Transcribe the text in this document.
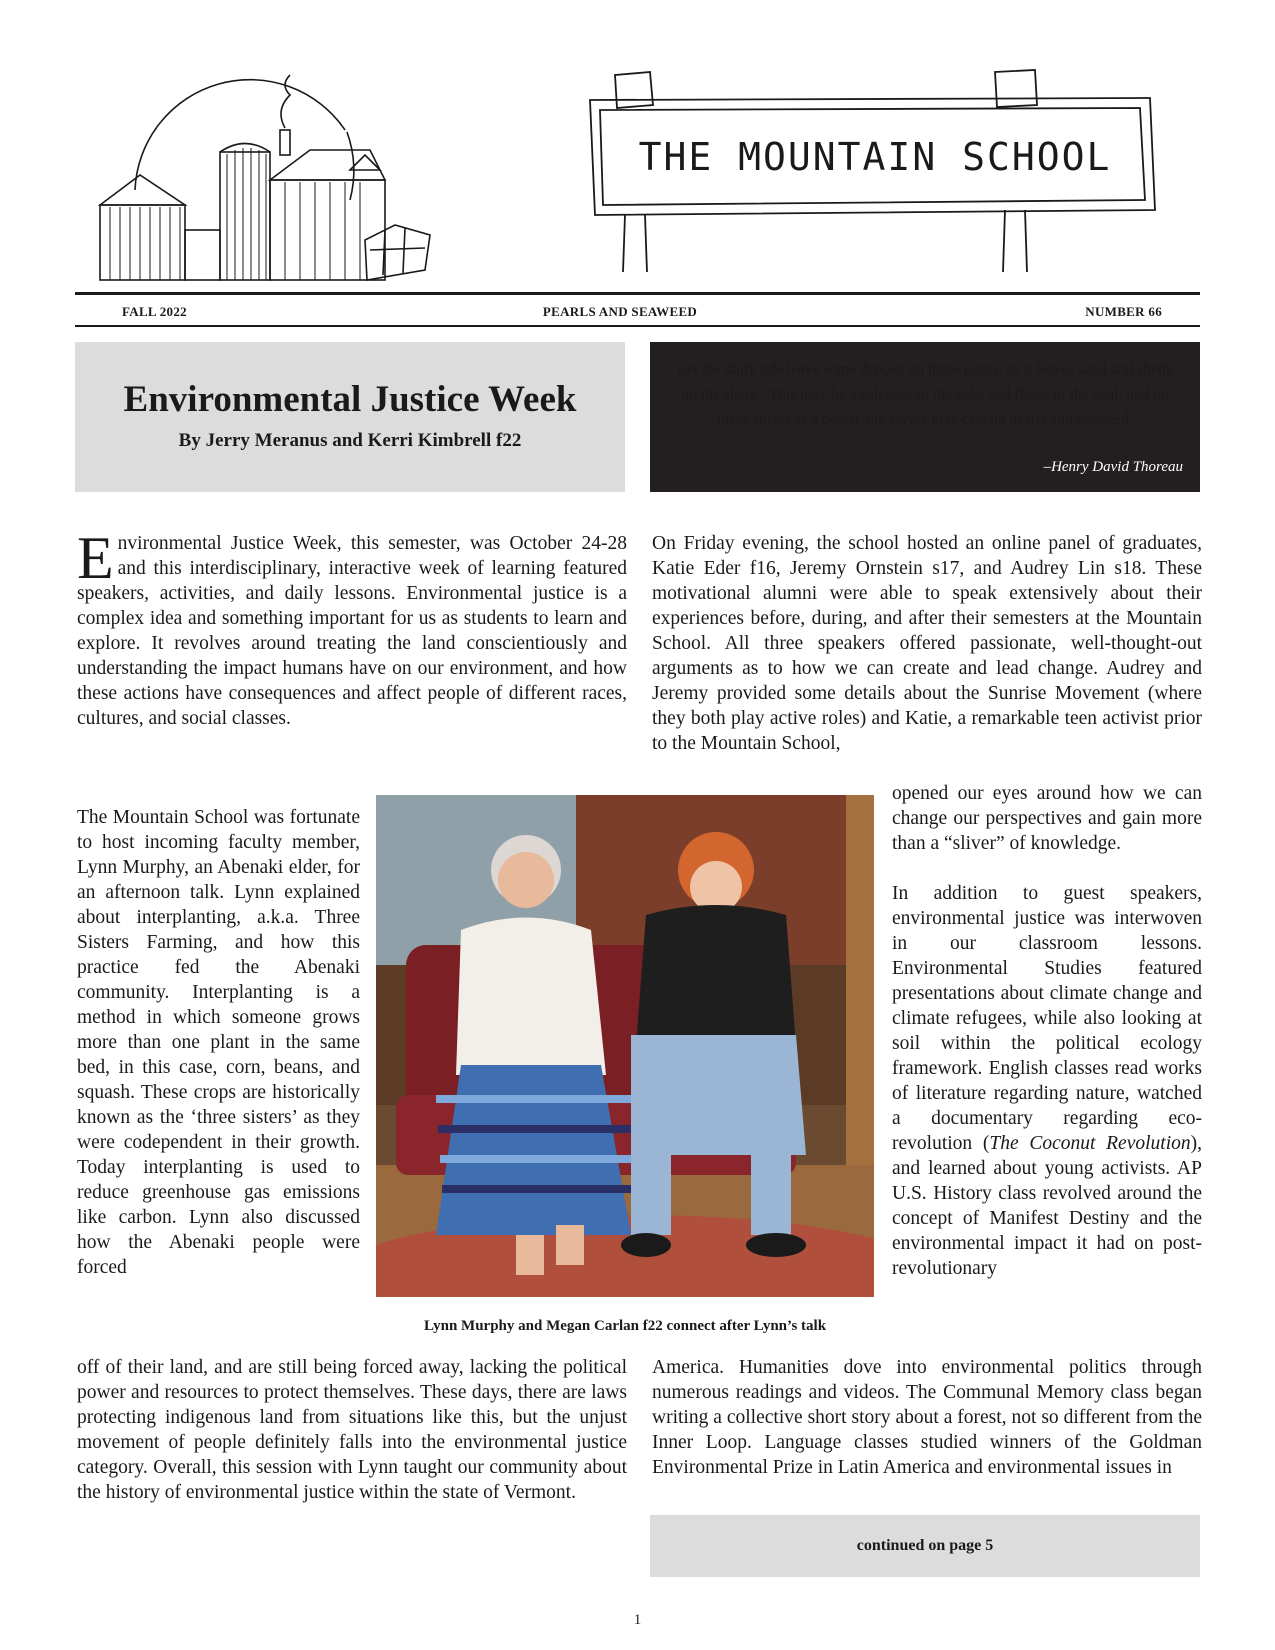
THE MOUNTAIN SCHOOL
FALL 2022	PEARLS AND SEAWEED	NUMBER 66
Environmental Justice Week
By Jerry Meranus and Kerri Kimbrell f22
Let the daily tide leave some deposit on these pages, as it leaves sand and shells on the shore...This may be a calendar of the ebbs and flows of the soul; and on these sheets as a beach, the waves may cast up pearls and seaweed.
–Henry David Thoreau

Environmental Justice Week, this semester, was October 24-28 and this interdisciplinary, interactive week of learning featured speakers, activities, and daily lessons. Environmental justice is a complex idea and something important for us as students to learn and explore. It revolves around treating the land conscientiously and understanding the impact humans have on our environment, and how these actions have consequences and affect people of different races, cultures, and social classes.

The Mountain School was fortunate to host incoming faculty member, Lynn Murphy, an Abenaki elder, for an afternoon talk. Lynn explained about interplanting, a.k.a. Three Sisters Farming, and how this practice fed the Abenaki community. Interplanting is a method in which someone grows more than one plant in the same bed, in this case, corn, beans, and squash. These crops are historically known as the ‘three sisters’ as they were codependent in their growth. Today interplanting is used to reduce greenhouse gas emissions like carbon. Lynn also discussed how the Abenaki people were forced

off of their land, and are still being forced away, lacking the political power and resources to protect themselves. These days, there are laws protecting indigenous land from situations like this, but the unjust movement of people definitely falls into the environmental justice category. Overall, this session with Lynn taught our community about the history of environmental justice within the state of Vermont.

On Friday evening, the school hosted an online panel of graduates, Katie Eder f16, Jeremy Ornstein s17, and Audrey Lin s18. These motivational alumni were able to speak extensively about their experiences before, during, and after their semesters at the Mountain School. All three speakers offered passionate, well-thought-out arguments as to how we can create and lead change. Audrey and Jeremy provided some details about the Sunrise Movement (where they both play active roles) and Katie, a remarkable teen activist prior to the Mountain School,

opened our eyes around how we can change our perspectives and gain more than a “sliver” of knowledge.

In addition to guest speakers, environmental justice was interwoven in our classroom lessons. Environmental Studies featured presentations about climate change and climate refugees, while also looking at soil within the political ecology framework. English classes read works of literature regarding nature, watched a documentary regarding eco-revolution (The Coconut Revolution), and learned about young activists. AP U.S. History class revolved around the concept of Manifest Destiny and the environmental impact it had on post-revolutionary

America. Humanities dove into environmental politics through numerous readings and videos. The Communal Memory class began writing a collective short story about a forest, not so different from the Inner Loop. Language classes studied winners of the Goldman Environmental Prize in Latin America and environmental issues in

Lynn Murphy and Megan Carlan f22 connect after Lynn’s talk
continued on page 5
1
